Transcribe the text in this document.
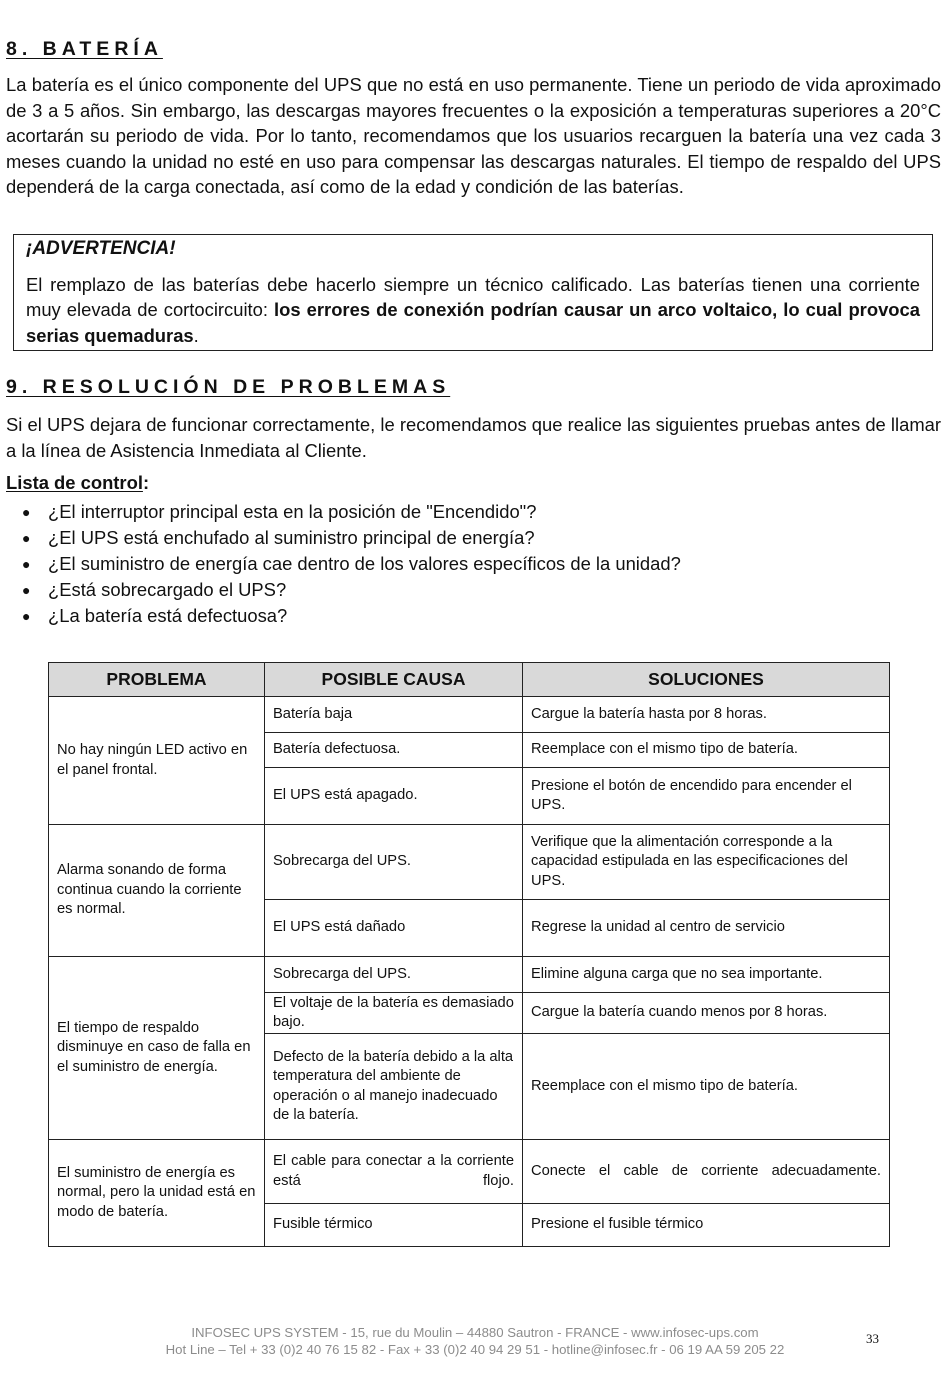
8. BATERÍA

La batería es el único componente del UPS que no está en uso permanente. Tiene un periodo de vida aproximado de 3 a 5 años. Sin embargo, las descargas mayores frecuentes o la exposición a temperaturas superiores a 20°C acortarán su periodo de vida. Por lo tanto, recomendamos que los usuarios recarguen la batería una vez cada 3 meses cuando la unidad no esté en uso para compensar las descargas naturales. El tiempo de respaldo del UPS dependerá de la carga conectada, así como de la edad y condición de las baterías.

¡ADVERTENCIA!

El remplazo de las baterías debe hacerlo siempre un técnico calificado. Las baterías tienen una corriente muy elevada de cortocircuito: los errores de conexión podrían causar un arco voltaico, lo cual provoca serias quemaduras.

9. RESOLUCIÓN DE PROBLEMAS

Si el UPS dejara de funcionar correctamente, le recomendamos que realice las siguientes pruebas antes de llamar a la línea de Asistencia Inmediata al Cliente.

Lista de control:

● ¿El interruptor principal esta en la posición de "Encendido"?
● ¿El UPS está enchufado al suministro principal de energía?
● ¿El suministro de energía cae dentro de los valores específicos de la unidad?
● ¿Está sobrecargado el UPS?
● ¿La batería está defectuosa?
PROBLEMA	POSIBLE CAUSA	SOLUCIONES
No hay ningún LED activo en el panel frontal.	Batería baja	Cargue la batería hasta por 8 horas.
	Batería defectuosa.	Reemplace con el mismo tipo de batería.
	El UPS está apagado.	Presione el botón de encendido para encender el UPS.
Alarma sonando de forma continua cuando la corriente es normal.	Sobrecarga del UPS.	Verifique que la alimentación corresponde a la capacidad estipulada en las especificaciones del UPS.
	El UPS está dañado	Regrese la unidad al centro de servicio
El tiempo de respaldo disminuye en caso de falla en el suministro de energía.	Sobrecarga del UPS.	Elimine alguna carga que no sea importante.
	El voltaje de la batería es demasiado bajo.	Cargue la batería cuando menos por 8 horas.
	Defecto de la batería debido a la alta temperatura del ambiente de operación o al manejo inadecuado de la batería.	Reemplace con el mismo tipo de batería.
El suministro de energía es normal, pero la unidad está en modo de batería.	El cable para conectar a la corriente está flojo.	Conecte el cable de corriente adecuadamente.
	Fusible térmico	Presione el fusible térmico

INFOSEC UPS SYSTEM - 15, rue du Moulin – 44880 Sautron - FRANCE - www.infosec-ups.com

Hot Line – Tel + 33 (0)2 40 76 15 82 - Fax + 33 (0)2 40 94 29 51 - hotline@infosec.fr - 06 19 AA 59 205 22

33
